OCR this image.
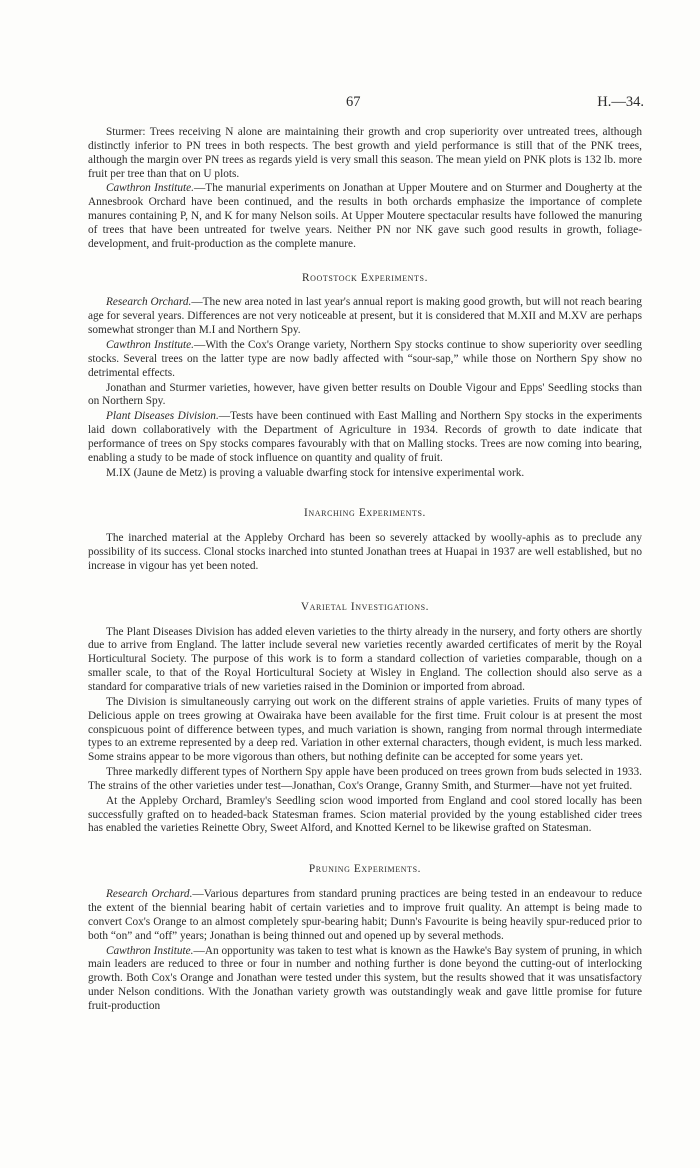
67	H.—34.

Sturmer: Trees receiving N alone are maintaining their growth and crop superiority over untreated trees, although distinctly inferior to PN trees in both respects. The best growth and yield performance is still that of the PNK trees, although the margin over PN trees as regards yield is very small this season. The mean yield on PNK plots is 132 lb. more fruit per tree than that on U plots.

Cawthron Institute.—The manurial experiments on Jonathan at Upper Moutere and on Sturmer and Dougherty at the Annesbrook Orchard have been continued, and the results in both orchards emphasize the importance of complete manures containing P, N, and K for many Nelson soils. At Upper Moutere spectacular results have followed the manuring of trees that have been untreated for twelve years. Neither PN nor NK gave such good results in growth, foliage-development, and fruit-production as the complete manure.

Rootstock Experiments.

Research Orchard.—The new area noted in last year's annual report is making good growth, but will not reach bearing age for several years. Differences are not very noticeable at present, but it is considered that M.XII and M.XV are perhaps somewhat stronger than M.I and Northern Spy.

Cawthron Institute.—With the Cox's Orange variety, Northern Spy stocks continue to show superiority over seedling stocks. Several trees on the latter type are now badly affected with “sour-sap,” while those on Northern Spy show no detrimental effects.

Jonathan and Sturmer varieties, however, have given better results on Double Vigour and Epps' Seedling stocks than on Northern Spy.

Plant Diseases Division.—Tests have been continued with East Malling and Northern Spy stocks in the experiments laid down collaboratively with the Department of Agriculture in 1934. Records of growth to date indicate that performance of trees on Spy stocks compares favourably with that on Malling stocks. Trees are now coming into bearing, enabling a study to be made of stock influence on quantity and quality of fruit.

M.IX (Jaune de Metz) is proving a valuable dwarfing stock for intensive experimental work.

Inarching Experiments.

The inarched material at the Appleby Orchard has been so severely attacked by woolly-aphis as to preclude any possibility of its success. Clonal stocks inarched into stunted Jonathan trees at Huapai in 1937 are well established, but no increase in vigour has yet been noted.

Varietal Investigations.

The Plant Diseases Division has added eleven varieties to the thirty already in the nursery, and forty others are shortly due to arrive from England. The latter include several new varieties recently awarded certificates of merit by the Royal Horticultural Society. The purpose of this work is to form a standard collection of varieties comparable, though on a smaller scale, to that of the Royal Horticultural Society at Wisley in England. The collection should also serve as a standard for comparative trials of new varieties raised in the Dominion or imported from abroad.

The Division is simultaneously carrying out work on the different strains of apple varieties. Fruits of many types of Delicious apple on trees growing at Owairaka have been available for the first time. Fruit colour is at present the most conspicuous point of difference between types, and much variation is shown, ranging from normal through intermediate types to an extreme represented by a deep red. Variation in other external characters, though evident, is much less marked. Some strains appear to be more vigorous than others, but nothing definite can be accepted for some years yet.

Three markedly different types of Northern Spy apple have been produced on trees grown from buds selected in 1933. The strains of the other varieties under test—Jonathan, Cox's Orange, Granny Smith, and Sturmer—have not yet fruited.

At the Appleby Orchard, Bramley's Seedling scion wood imported from England and cool stored locally has been successfully grafted on to headed-back Statesman frames. Scion material provided by the young established cider trees has enabled the varieties Reinette Obry, Sweet Alford, and Knotted Kernel to be likewise grafted on Statesman.

Pruning Experiments.

Research Orchard.—Various departures from standard pruning practices are being tested in an endeavour to reduce the extent of the biennial bearing habit of certain varieties and to improve fruit quality. An attempt is being made to convert Cox's Orange to an almost completely spur-bearing habit; Dunn's Favourite is being heavily spur-reduced prior to both “on” and “off” years; Jonathan is being thinned out and opened up by several methods.

Cawthron Institute.—An opportunity was taken to test what is known as the Hawke's Bay system of pruning, in which main leaders are reduced to three or four in number and nothing further is done beyond the cutting-out of interlocking growth. Both Cox's Orange and Jonathan were tested under this system, but the results showed that it was unsatisfactory under Nelson conditions. With the Jonathan variety growth was outstandingly weak and gave little promise for future fruit-production
